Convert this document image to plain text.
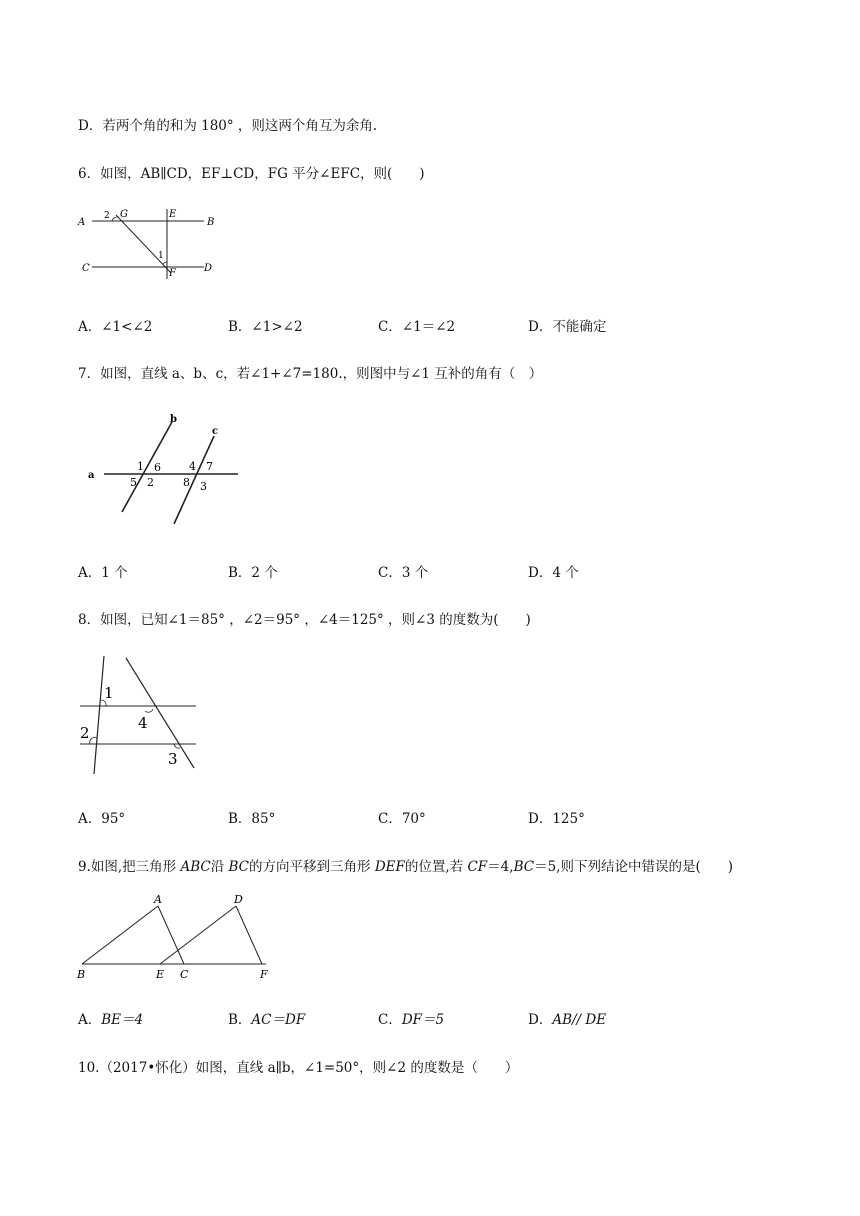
D．若两个角的和为 180° ，则这两个角互为余角.
6．如图，AB∥CD，EF⊥CD，FG 平分∠EFC，则(　　)
A	B
C	D
E
F
G
2
1
A．∠1<∠2	B．∠1>∠2	C．∠1＝∠2	D．不能确定
7．如图，直线 a、b、c，若∠1+∠7=180.，则图中与∠1 互补的角有（　）
a
b
c
1 6
5 2
4 7
8 3
A．1 个	B．2 个	C．3 个	D．4 个
8．如图，已知∠1＝85° ，∠2＝95° ，∠4＝125° ，则∠3 的度数为(　　)
1
2
4
3
A．95°	B．85°	C．70°	D．125°
9.如图,把三角形 ABC沿 BC的方向平移到三角形 DEF的位置,若 CF＝4,BC＝5,则下列结论中错误的是(　　)
A
B	C
D
E	F
A．BE＝4	B．AC＝DF	C．DF＝5	D．AB// DE
10.（2017•怀化）如图，直线 a∥b，∠1=50°，则∠2 的度数是（　　）
